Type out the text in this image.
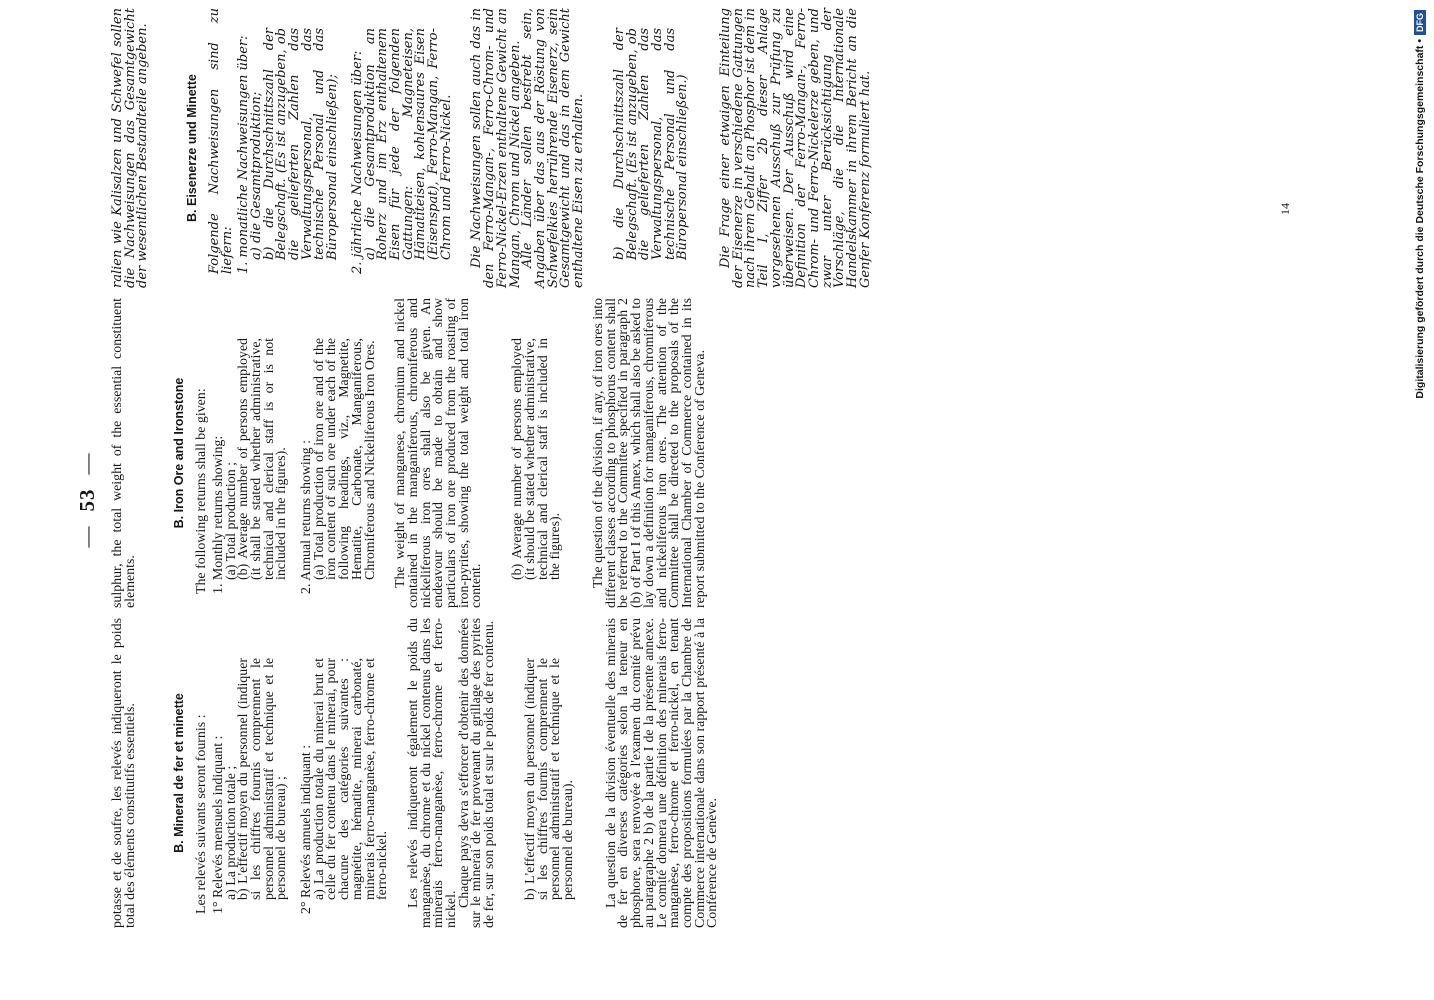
—53—

potasse et de soufre, les relevés indiqueront le poids total des éléments constitutifs essentiels.	B. Mineral de fer et minette Les relevés suivants seront fournis : 1° Relevés mensuels indiquant :

a) La production totale ;

b) L'effectif moyen du personnel (indiquer si les chiffres fournis comprennent le personnel administratif et technique et le personnel de bureau) ; 2° Relevés annuels indiquant :

a) La production totale du minerai brut et celle du fer contenu dans le minerai, pour chacune des catégories suivantes : magnétite, hématite, minerai carbonaté, minerais ferro-manganèse, ferro-chrome et ferro-nickel. Les relevés indiqueront également le poids du manganèse, du chrome et du nickel contenus dans les minerais ferro-manganèse, ferro-chrome et ferro-nickel.

Chaque pays devra s'efforcer d'obtenir des données sur le minerai de fer provenant du grillage des pyrites de fer, sur son poids total et sur le poids de fer contenu. b) L'effectif moyen du personnel (indiquer si les chiffres fournis comprennent le personnel administratif et technique et le personnel de bureau). La question de la division éventuelle des minerais de fer en diverses catégories selon la teneur en phosphore, sera renvoyée à l'examen du comité prévu au paragraphe 2 b) de la partie I de la présente annexe. Le comité donnera une définition des minerais ferro-manganèse, ferro-chrome et ferro-nickel, en tenant compte des propositions formulées par la Chambre de Commerce internationale dans son rapport présenté à la Conférence de Genève.

sulphur, the total weight of the essential constituent elements.

B. Iron Ore and Ironstone The following returns shall be given: 1. Monthly returns showing:

(a) Total production ;

(b) Average number of persons employed (it shall be stated whether administrative, technical and clerical staff is or is not included in the figures). 2. Annual returns showing :

(a) Total production of iron ore and of the iron content of such ore under each of the following headings, viz., Magnetite, Hematite, Carbonate, Manganiferous, Chromiferous and Nickeliferous Iron Ores. The weight of manganese, chromium and nickel contained in the manganiferous, chromiferous and nickeliferous iron ores shall also be given. An endeavour should be made to obtain and show particulars of iron ore produced from the roasting of iron-pyrites, showing the total weight and total iron content.

(b) Average number of persons employed (it should be stated whether administrative, technical and clerical staff is included in the figures). The question of the division, if any, of iron ores into different classes according to phosphorus content shall be referred to the Committee specified in paragraph 2 (b) of Part I of this Annex, which shall also be asked to lay down a definition for manganiferous, chromiferous and nickeliferous iron ores. The attention of the Committee shall be directed to the proposals of the International Chamber of Commerce contained in its report submitted to the Conference of Geneva.

ralien wie Kalisalzen und Schwefel sollen die Nachweisungen das Gesamtgewicht der wesentlichen Bestandteile angeben.	B. Eisenerze und Minette Folgende Nachweisungen sind zu liefern: 1. monatliche Nachweisungen über:

a) die Gesamtproduktion;

b) die Durchschnittszahl der Belegschaft. (Es ist anzugeben, ob die gelieferten Zahlen das Verwaltungspersonal, das technische Personal und das Büropersonal einschließen); 2. jährliche Nachweisungen über:

a) die Gesamtproduktion an Roherz und im Erz enthaltenem Eisen für jede der folgenden Gattungen: Magneteisen, Hämatiteisen, kohlensaures Eisen (Eisenspat), Ferro-Mangan, Ferro-Chrom und Ferro-Nickel. Die Nachweisungen sollen auch das in den Ferro-Mangan-, Ferro-Chrom- und Ferro-Nickel-Erzen enthaltene Gewicht an Mangan, Chrom und Nickel angeben.

Alle Länder sollen bestrebt sein, Angaben über das aus der Röstung von Schwefelkies herrührende Eisenerz, sein Gesamtgewicht und das in dem Gewicht enthaltene Eisen zu erhalten. b) die Durchschnittszahl der Belegschaft. (Es ist anzugeben, ob die gelieferten Zahlen das Verwaltungspersonal, das technische Personal und das Büropersonal einschließen.) Die Frage einer etwaigen Einteilung der Eisenerze in verschiedene Gattungen nach ihrem Gehalt an Phosphor ist dem in Teil I, Ziffer 2b dieser Anlage vorgesehenen Ausschuß zur Prüfung zu überweisen. Der Ausschuß wird eine Definition der Ferro-Mangan-, Ferro-Chrom- und Ferro-Nickelerze geben, und zwar unter Berücksichtigung der Vorschläge, die die Internationale Handelskammer in ihrem Bericht an die Genfer Konferenz formuliert hat.	14	Digitalisierung gefördert durch die Deutsche Forschungsgemeinschaft •DFG
